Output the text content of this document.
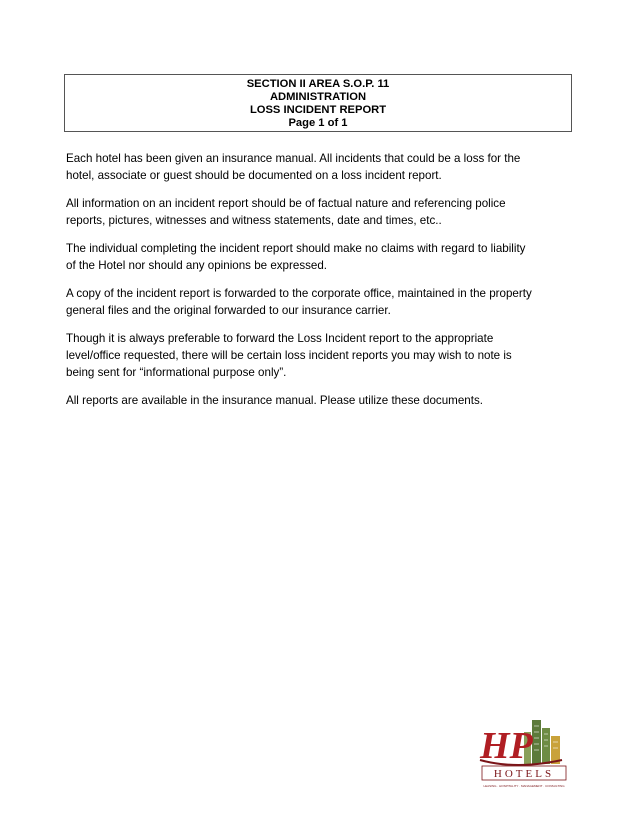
SECTION II AREA S.O.P. 11

ADMINISTRATION

LOSS INCIDENT REPORT

Page 1 of 1

Each hotel has been given an insurance manual. All incidents that could be a loss for the hotel, associate or guest should be documented on a loss incident report.

All information on an incident report should be of factual nature and referencing police reports, pictures, witnesses and witness statements, date and times, etc..

The individual completing the incident report should make no claims with regard to liability of the Hotel nor should any opinions be expressed.

A copy of the incident report is forwarded to the corporate office, maintained in the property general files and the original forwarded to our insurance carrier.

Though it is always preferable to forward the Loss Incident report to the appropriate level/office requested, there will be certain loss incident reports you may wish to note is being sent for “informational purpose only”.

All reports are available in the insurance manual. Please utilize these documents.

HP
HOTELS
LEASING · HOSPITALITY · MANAGEMENT · CONSULTING
